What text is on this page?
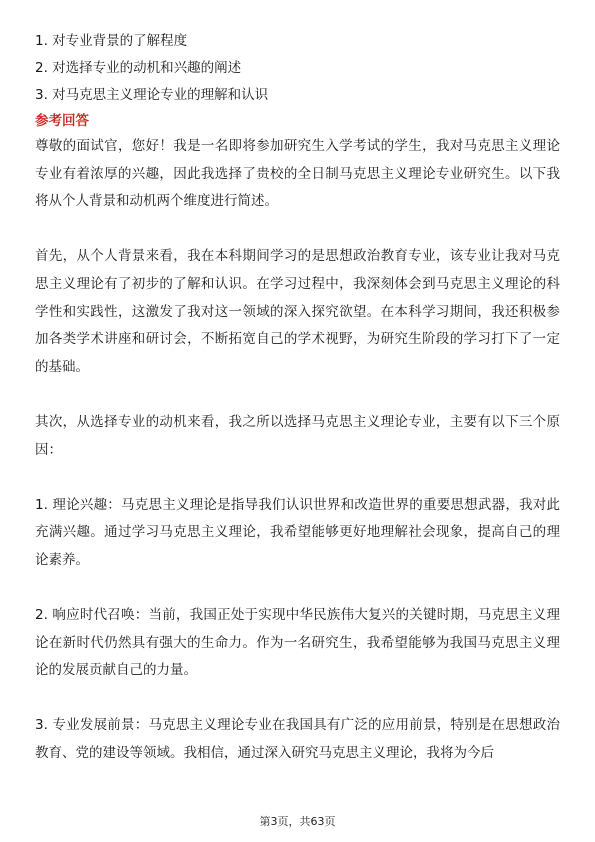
1. 对专业背景的了解程度
2. 对选择专业的动机和兴趣的阐述
3. 对马克思主义理论专业的理解和认识
参考回答

尊敬的面试官，您好！我是一名即将参加研究生入学考试的学生，我对马克思主义理论专业有着浓厚的兴趣，因此我选择了贵校的全日制马克思主义理论专业研究生。以下我将从个人背景和动机两个维度进行简述。

首先，从个人背景来看，我在本科期间学习的是思想政治教育专业，该专业让我对马克思主义理论有了初步的了解和认识。在学习过程中，我深刻体会到马克思主义理论的科学性和实践性，这激发了我对这一领域的深入探究欲望。在本科学习期间，我还积极参加各类学术讲座和研讨会，不断拓宽自己的学术视野，为研究生阶段的学习打下了一定的基础。

其次，从选择专业的动机来看，我之所以选择马克思主义理论专业，主要有以下三个原因：

1. 理论兴趣：马克思主义理论是指导我们认识世界和改造世界的重要思想武器，我对此充满兴趣。通过学习马克思主义理论，我希望能够更好地理解社会现象，提高自己的理论素养。

2. 响应时代召唤：当前，我国正处于实现中华民族伟大复兴的关键时期，马克思主义理论在新时代仍然具有强大的生命力。作为一名研究生，我希望能够为我国马克思主义理论的发展贡献自己的力量。

3. 专业发展前景：马克思主义理论专业在我国具有广泛的应用前景，特别是在思想政治教育、党的建设等领域。我相信，通过深入研究马克思主义理论，我将为今后

第3页，共63页
